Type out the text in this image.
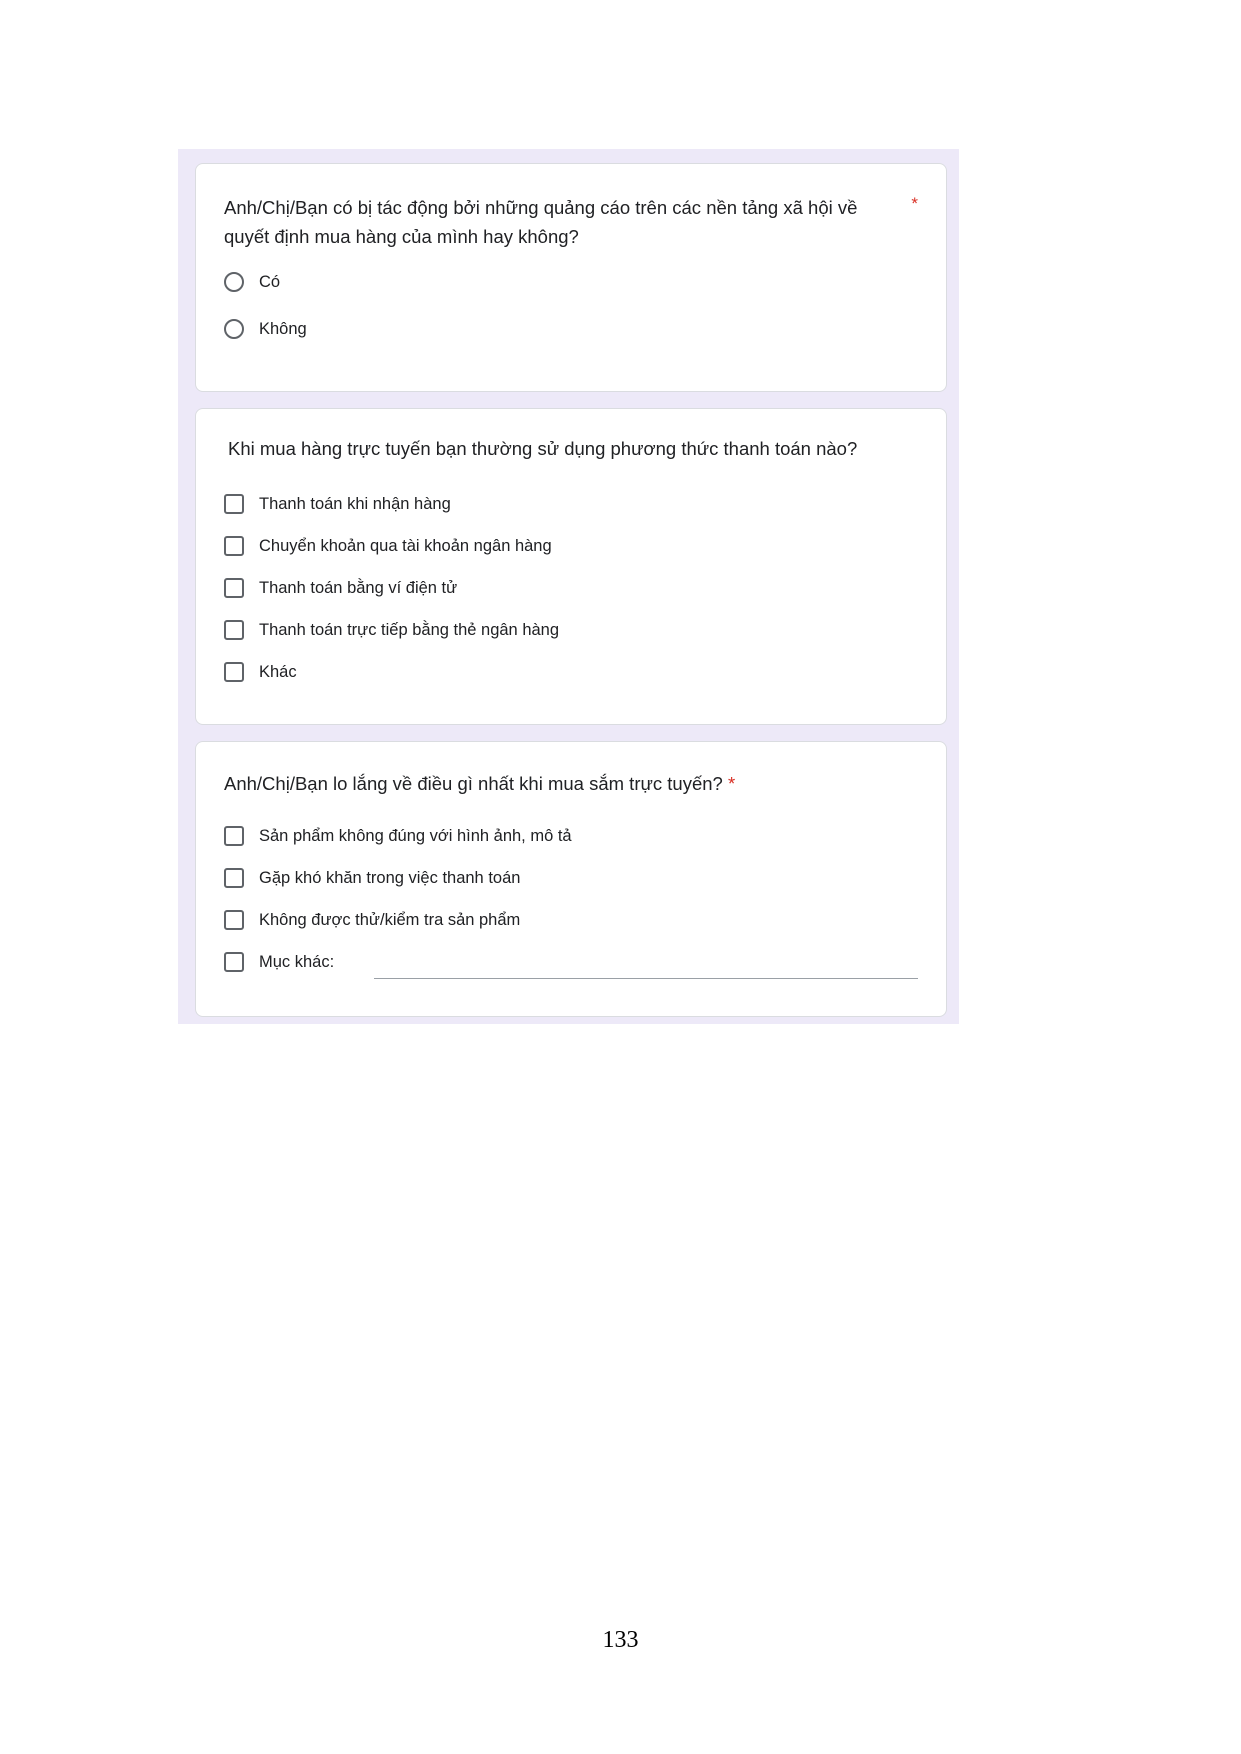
Anh/Chị/Bạn có bị tác động bởi những quảng cáo trên các nền tảng xã hội về quyết định mua hàng của mình hay không?
*
Có
Không
Khi mua hàng trực tuyến bạn thường sử dụng phương thức thanh toán nào?
Thanh toán khi nhận hàng
Chuyển khoản qua tài khoản ngân hàng
Thanh toán bằng ví điện tử
Thanh toán trực tiếp bằng thẻ ngân hàng
Khác
Anh/Chị/Bạn lo lắng về điều gì nhất khi mua sắm trực tuyến? *
Sản phẩm không đúng với hình ảnh, mô tả
Gặp khó khăn trong việc thanh toán
Không được thử/kiểm tra sản phẩm
Mục khác:
133
